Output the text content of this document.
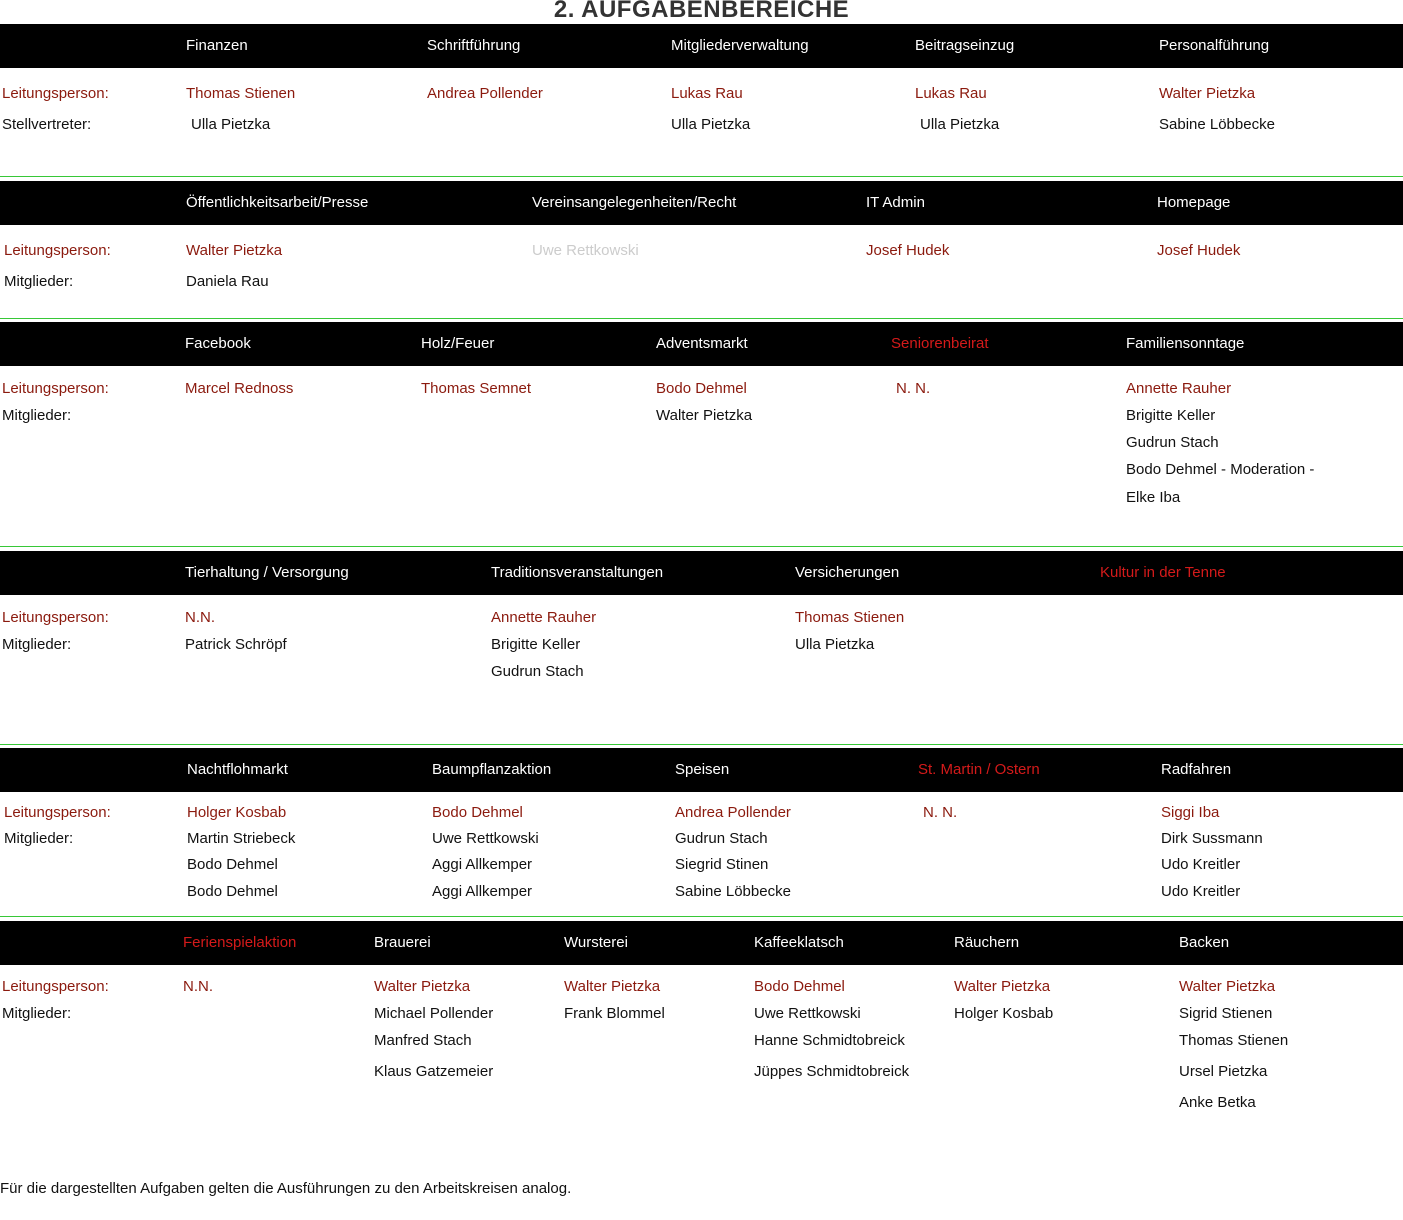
2. AUFGABENBEREICHE
Leitungsperson:
Stellvertreter:
Finanzen
Thomas Stienen
Ulla Pietzka
Schriftführung
Andrea Pollender
Mitgliederverwaltung
Lukas Rau
Ulla Pietzka
Beitragseinzug
Lukas Rau
Ulla Pietzka
Personalführung
Walter Pietzka
Sabine Löbbecke
Leitungsperson:
Mitglieder:
Öffentlichkeitsarbeit/Presse
Walter Pietzka
Daniela Rau
Vereinsangelegenheiten/Recht
Uwe Rettkowski
IT Admin
Josef Hudek
Homepage
Josef Hudek
Leitungsperson:
Mitglieder:
Facebook
Marcel Rednoss
Holz/Feuer
Thomas Semnet
Adventsmarkt
Bodo Dehmel
Walter Pietzka
Seniorenbeirat
N. N.
Familiensonntage
Annette Rauher
Brigitte Keller
Gudrun Stach
Bodo Dehmel - Moderation -
Elke Iba
Leitungsperson:
Mitglieder:
Tierhaltung / Versorgung
N.N.
Patrick Schröpf
Traditionsveranstaltungen
Annette Rauher
Brigitte Keller
Gudrun Stach
Versicherungen
Thomas Stienen
Ulla Pietzka
Kultur in der Tenne
Leitungsperson:
Mitglieder:
Nachtflohmarkt
Holger Kosbab
Martin Striebeck
Bodo Dehmel
Bodo Dehmel
Baumpflanzaktion
Bodo Dehmel
Uwe Rettkowski
Aggi Allkemper
Aggi Allkemper
Speisen
Andrea Pollender
Gudrun Stach
Siegrid Stinen
Sabine Löbbecke
St. Martin / Ostern
N. N.
Radfahren
Siggi Iba
Dirk Sussmann
Udo Kreitler
Udo Kreitler
Leitungsperson:
Mitglieder:
Ferienspielaktion
N.N.
Brauerei
Walter Pietzka
Michael Pollender
Manfred Stach
Klaus Gatzemeier
Wursterei
Walter Pietzka
Frank Blommel
Kaffeeklatsch
Bodo Dehmel
Uwe Rettkowski
Hanne Schmidtobreick
Jüppes Schmidtobreick
Räuchern
Walter Pietzka
Holger Kosbab
Backen
Walter Pietzka
Sigrid Stienen
Thomas Stienen
Ursel Pietzka
Anke Betka
Für die dargestellten Aufgaben gelten die Ausführungen zu den Arbeitskreisen analog.
